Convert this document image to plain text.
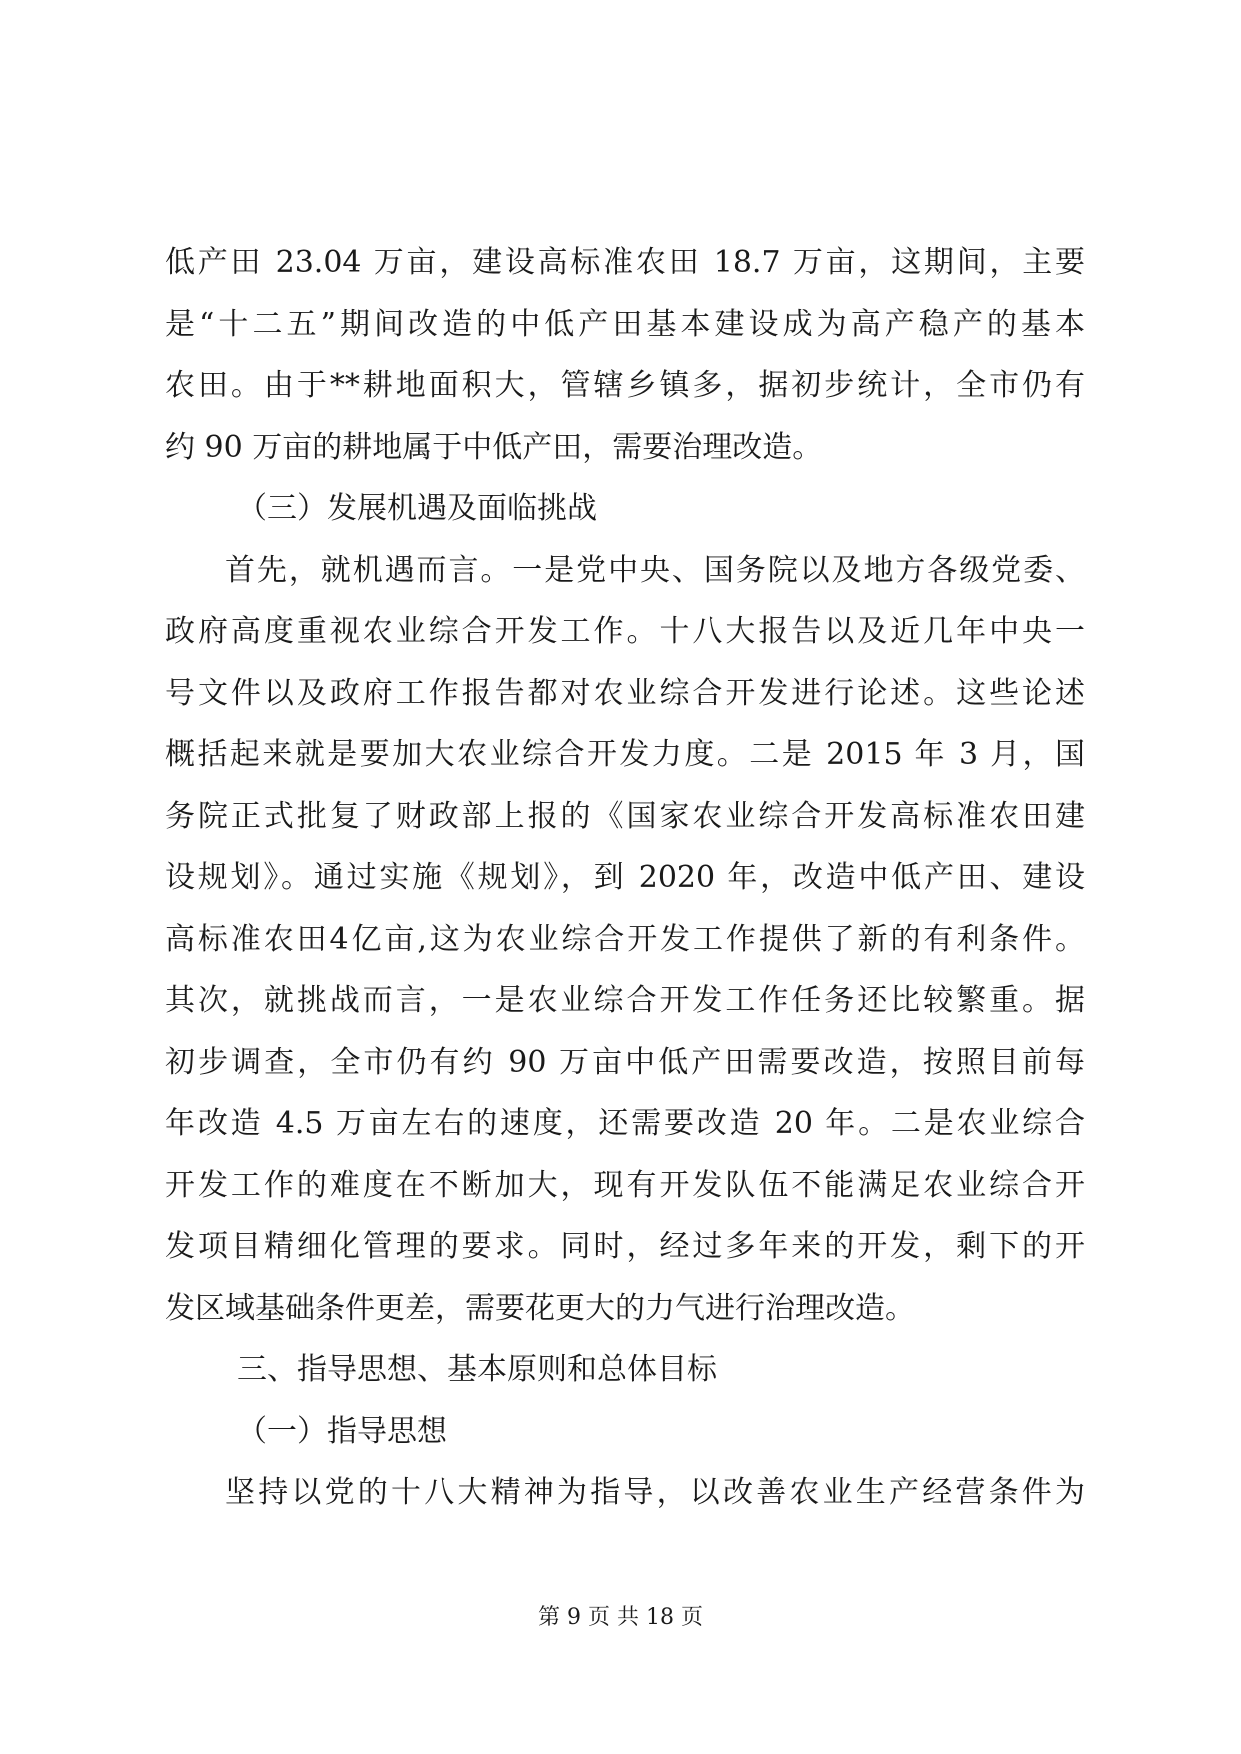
低产田 23.04 万亩，建设高标准农田 18.7 万亩，这期间，主要
是“十二五”期间改造的中低产田基本建设成为高产稳产的基本
农田。由于**耕地面积大，管辖乡镇多，据初步统计，全市仍有
约 90 万亩的耕地属于中低产田，需要治理改造。
（三）发展机遇及面临挑战
首先，就机遇而言。一是党中央、国务院以及地方各级党委、
政府高度重视农业综合开发工作。十八大报告以及近几年中央一
号文件以及政府工作报告都对农业综合开发进行论述。这些论述
概括起来就是要加大农业综合开发力度。二是 2015 年 3 月，国
务院正式批复了财政部上报的《国家农业综合开发高标准农田建
设规划》。通过实施《规划》，到 2020 年，改造中低产田、建设
高标准农田4亿亩,这为农业综合开发工作提供了新的有利条件。
其次，就挑战而言，一是农业综合开发工作任务还比较繁重。据
初步调查，全市仍有约 90 万亩中低产田需要改造，按照目前每
年改造 4.5 万亩左右的速度，还需要改造 20 年。二是农业综合
开发工作的难度在不断加大，现有开发队伍不能满足农业综合开
发项目精细化管理的要求。同时，经过多年来的开发，剩下的开
发区域基础条件更差，需要花更大的力气进行治理改造。
三、指导思想、基本原则和总体目标
（一）指导思想
坚持以党的十八大精神为指导，以改善农业生产经营条件为
第 9 页 共 18 页
